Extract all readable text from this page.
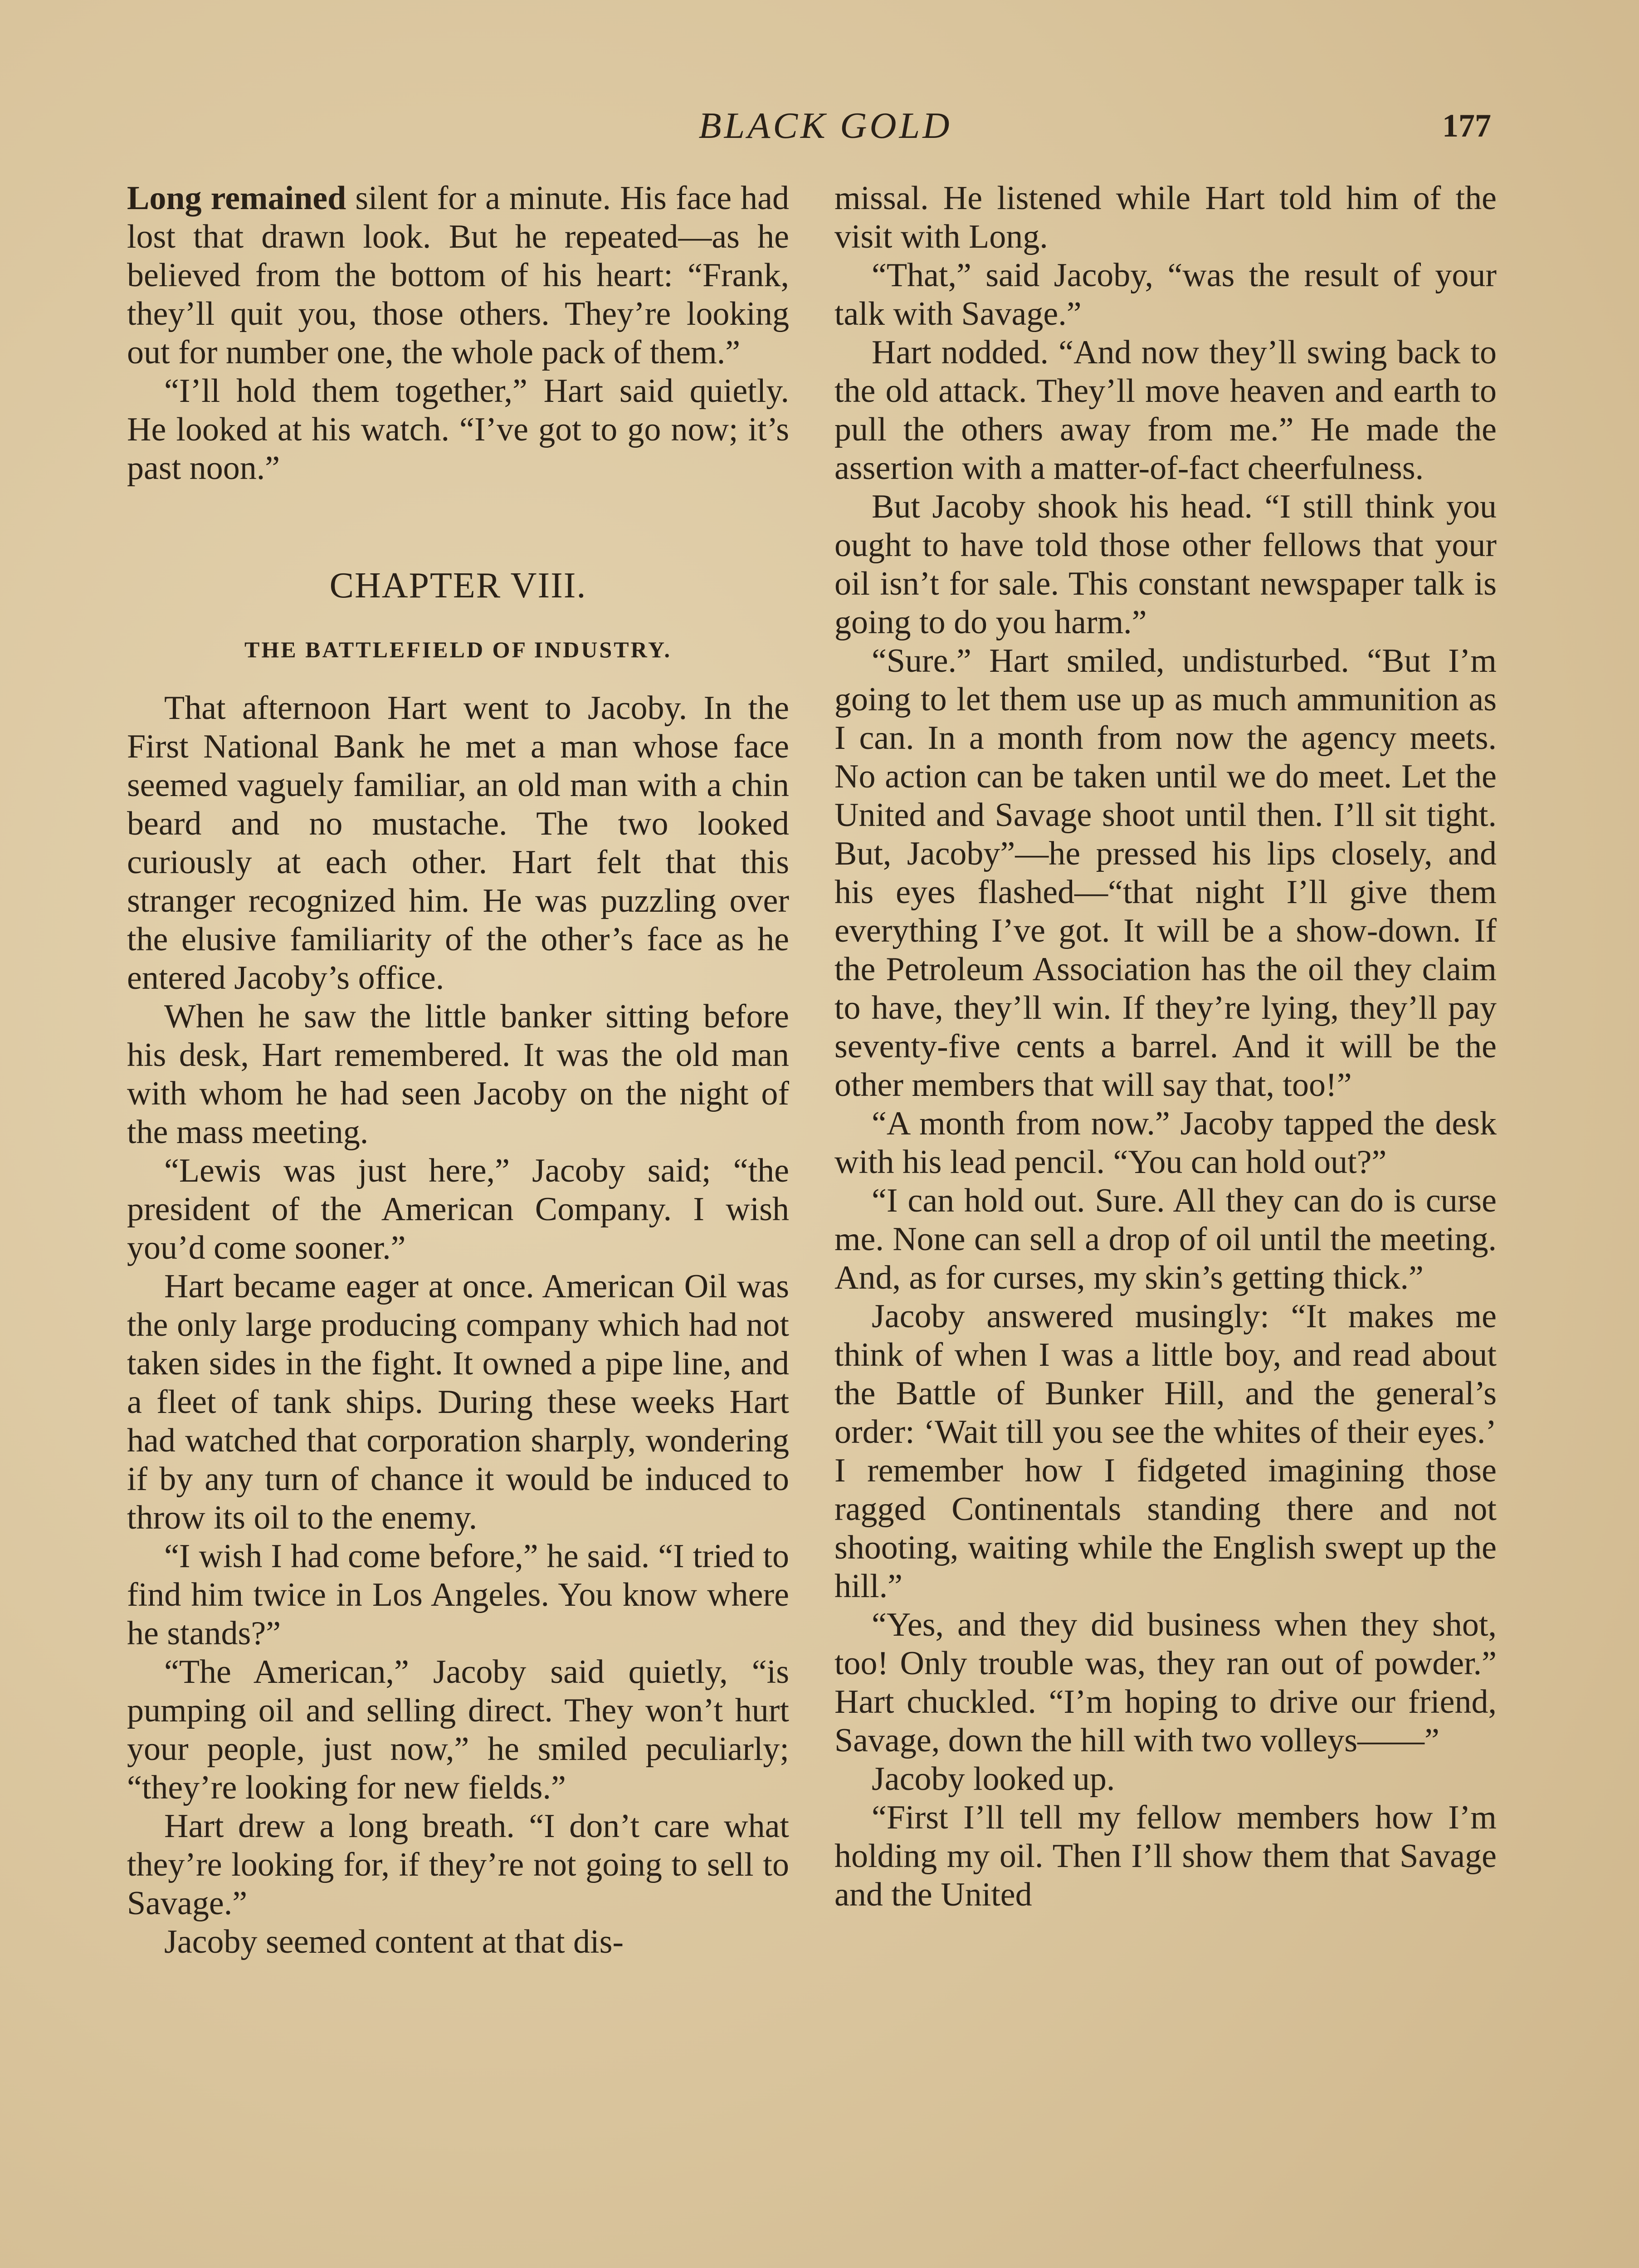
BLACK GOLD	177

Long remained silent for a minute. His face had lost that drawn look. But he repeated—as he believed from the bottom of his heart: “Frank, they’ll quit you, those others. They’re looking out for number one, the whole pack of them.”

“I’ll hold them together,” Hart said quietly. He looked at his watch. “I’ve got to go now; it’s past noon.”

CHAPTER VIII.
THE BATTLEFIELD OF INDUSTRY.

That afternoon Hart went to Jacoby. In the First National Bank he met a man whose face seemed vaguely familiar, an old man with a chin beard and no mustache. The two looked curiously at each other. Hart felt that this stranger recognized him. He was puzzling over the elusive familiarity of the other’s face as he entered Jacoby’s office.

When he saw the little banker sitting before his desk, Hart remembered. It was the old man with whom he had seen Jacoby on the night of the mass meeting.

“Lewis was just here,” Jacoby said; “the president of the American Company. I wish you’d come sooner.”

Hart became eager at once. American Oil was the only large producing company which had not taken sides in the fight. It owned a pipe line, and a fleet of tank ships. During these weeks Hart had watched that corporation sharply, wondering if by any turn of chance it would be induced to throw its oil to the enemy.

“I wish I had come before,” he said. “I tried to find him twice in Los Angeles. You know where he stands?”

“The American,” Jacoby said quietly, “is pumping oil and selling direct. They won’t hurt your people, just now,” he smiled peculiarly; “they’re looking for new fields.”

Hart drew a long breath. “I don’t care what they’re looking for, if they’re not going to sell to Savage.”

Jacoby seemed content at that dis-

missal. He listened while Hart told him of the visit with Long.

“That,” said Jacoby, “was the result of your talk with Savage.”

Hart nodded. “And now they’ll swing back to the old attack. They’ll move heaven and earth to pull the others away from me.” He made the assertion with a matter-of-fact cheerfulness.

But Jacoby shook his head. “I still think you ought to have told those other fellows that your oil isn’t for sale. This constant newspaper talk is going to do you harm.”

“Sure.” Hart smiled, undisturbed. “But I’m going to let them use up as much ammunition as I can. In a month from now the agency meets. No action can be taken until we do meet. Let the United and Savage shoot until then. I’ll sit tight. But, Jacoby”—he pressed his lips closely, and his eyes flashed—“that night I’ll give them everything I’ve got. It will be a show-down. If the Petroleum Association has the oil they claim to have, they’ll win. If they’re lying, they’ll pay seventy-five cents a barrel. And it will be the other members that will say that, too!”

“A month from now.” Jacoby tapped the desk with his lead pencil. “You can hold out?”

“I can hold out. Sure. All they can do is curse me. None can sell a drop of oil until the meeting. And, as for curses, my skin’s getting thick.”

Jacoby answered musingly: “It makes me think of when I was a little boy, and read about the Battle of Bunker Hill, and the general’s order: ‘Wait till you see the whites of their eyes.’ I remember how I fidgeted imagining those ragged Continentals standing there and not shooting, waiting while the English swept up the hill.”

“Yes, and they did business when they shot, too! Only trouble was, they ran out of powder.” Hart chuckled. “I’m hoping to drive our friend, Savage, down the hill with two volleys——”

Jacoby looked up.

“First I’ll tell my fellow members how I’m holding my oil. Then I’ll show them that Savage and the United
